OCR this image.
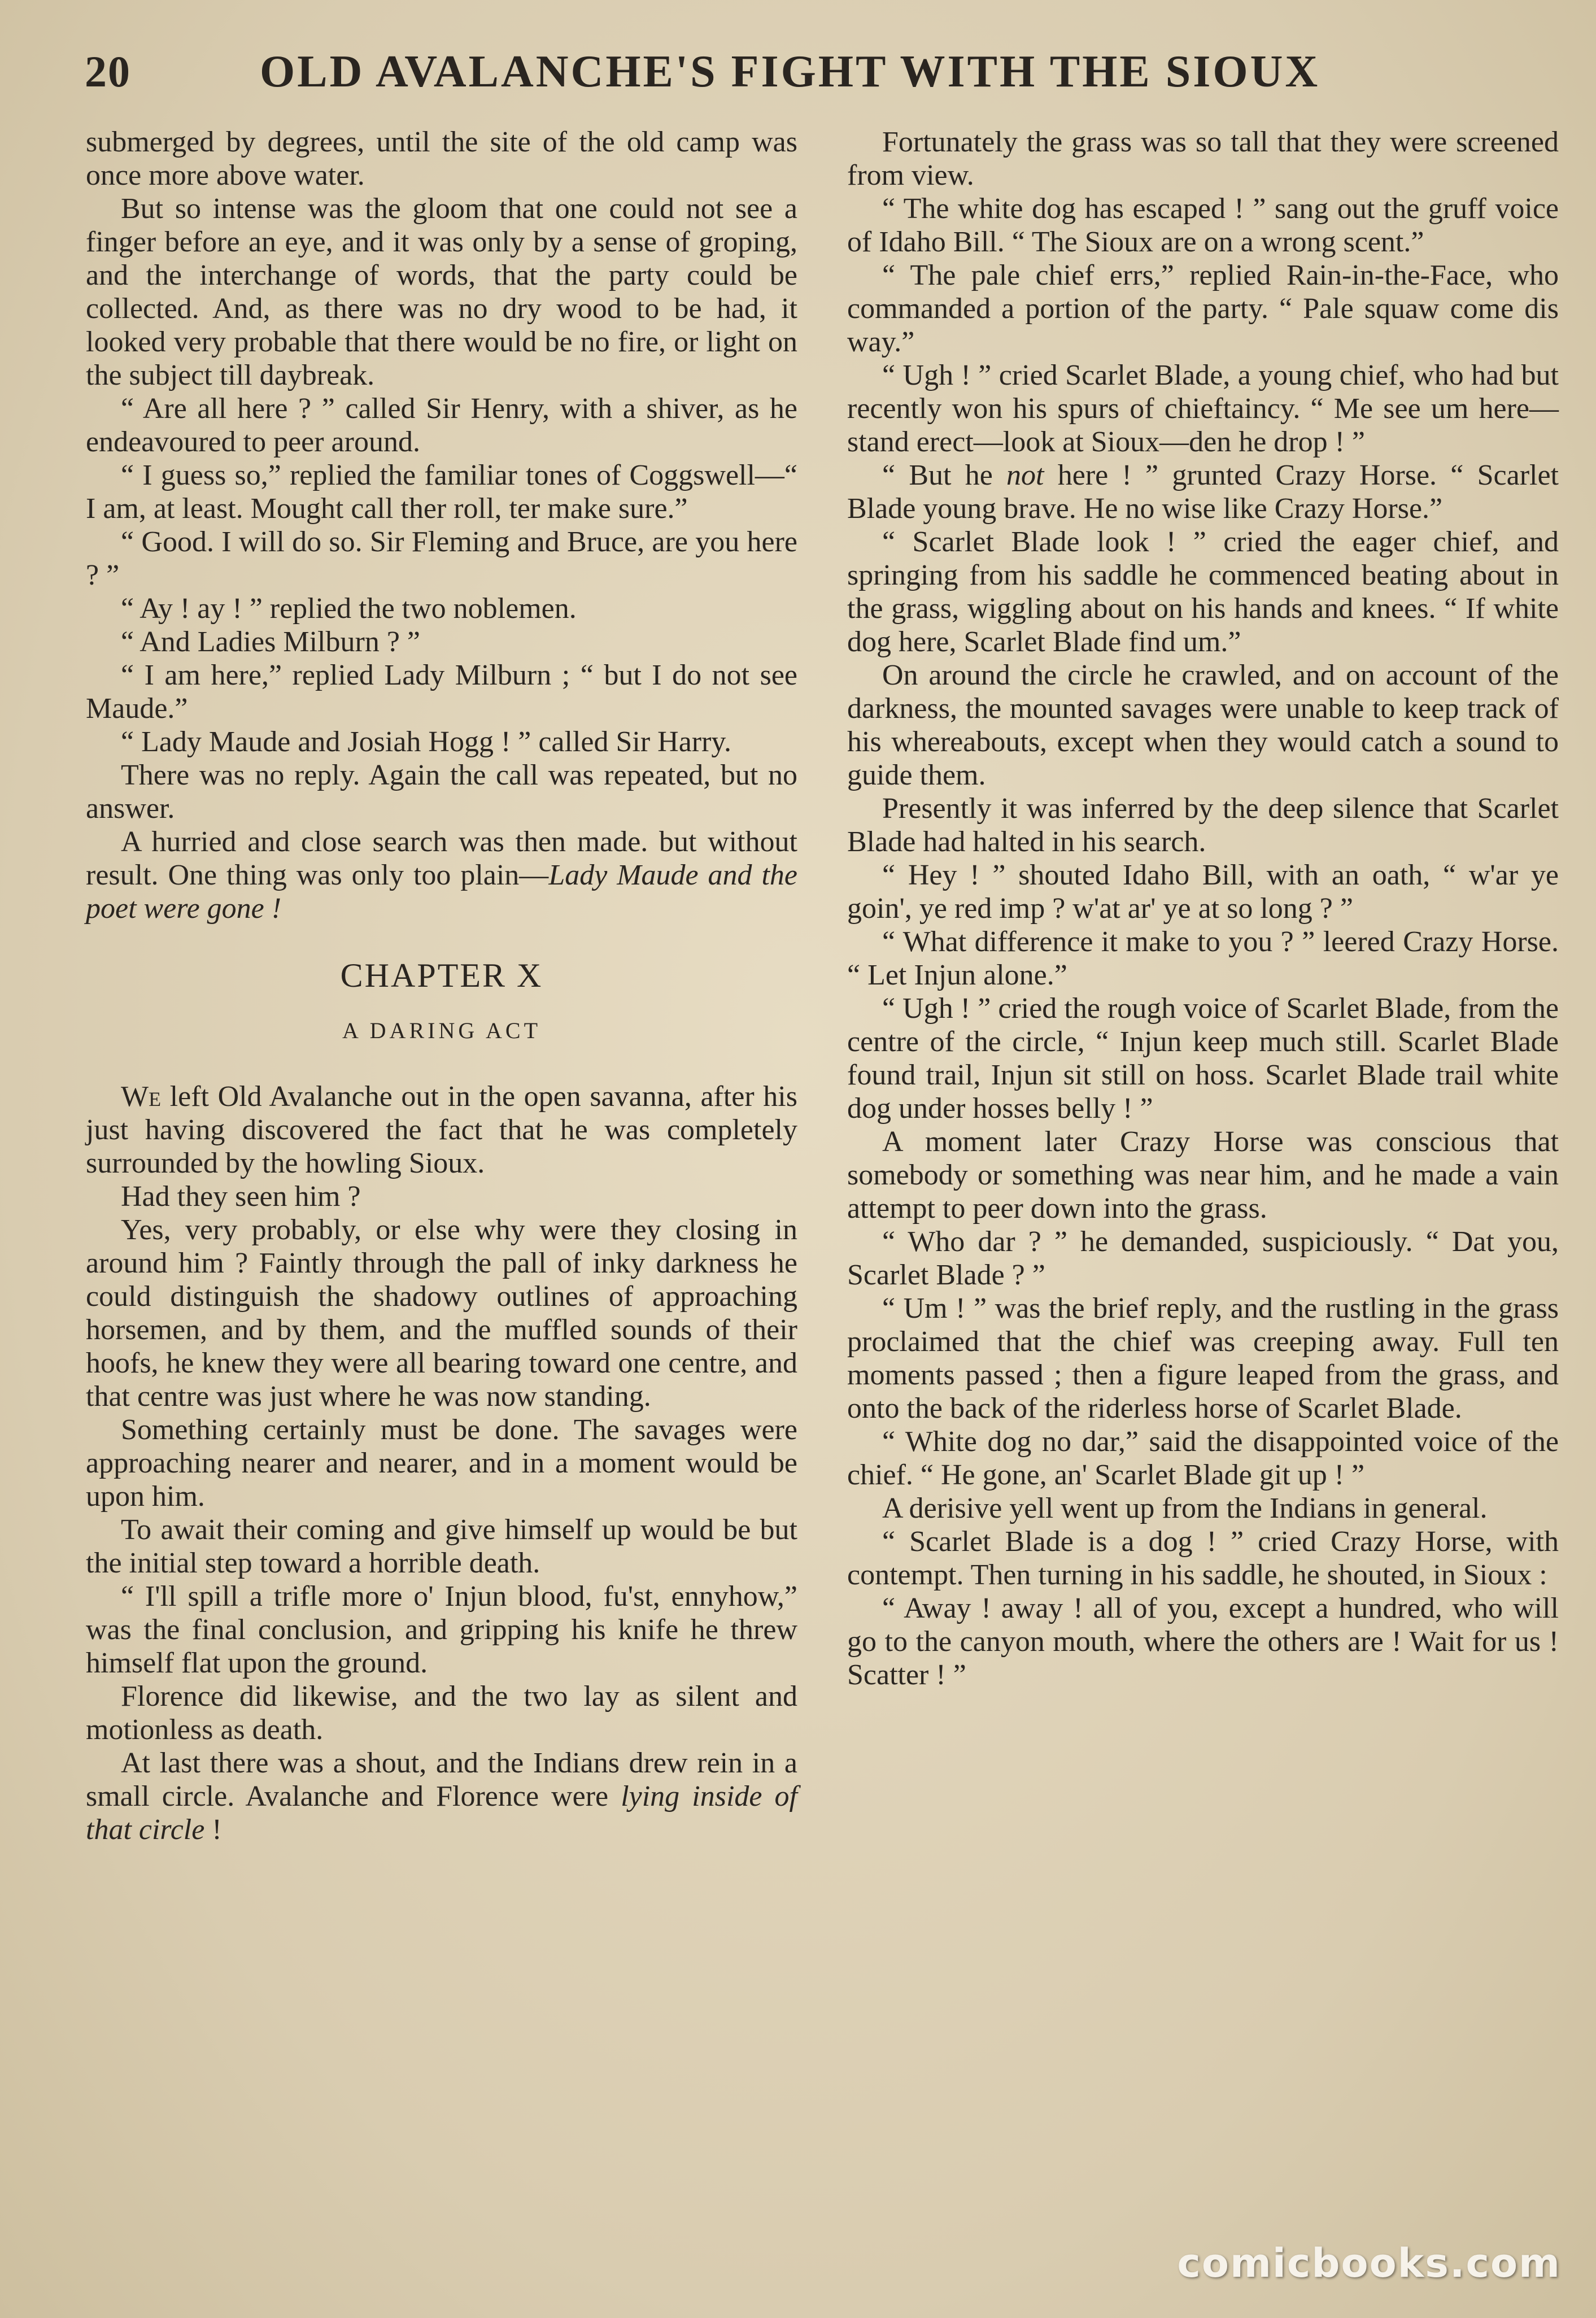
20	OLD AVALANCHE'S FIGHT WITH THE SIOUX

submerged by degrees, until the site of the old camp was once more above water.

But so intense was the gloom that one could not see a finger before an eye, and it was only by a sense of groping, and the interchange of words, that the party could be collected. And, as there was no dry wood to be had, it looked very probable that there would be no fire, or light on the subject till daybreak.

“ Are all here ? ” called Sir Henry, with a shiver, as he endeavoured to peer around.

“ I guess so,” replied the familiar tones of Coggswell—“ I am, at least. Mought call ther roll, ter make sure.”

“ Good. I will do so. Sir Fleming and Bruce, are you here ? ”

“ Ay ! ay ! ” replied the two noblemen.

“ And Ladies Milburn ? ”

“ I am here,” replied Lady Milburn ; “ but I do not see Maude.”

“ Lady Maude and Josiah Hogg ! ” called Sir Harry.

There was no reply. Again the call was repeated, but no answer.

A hurried and close search was then made. but without result. One thing was only too plain—Lady Maude and the poet were gone !

CHAPTER X
A DARING ACT

We left Old Avalanche out in the open savanna, after his just having discovered the fact that he was completely surrounded by the howling Sioux.

Had they seen him ?

Yes, very probably, or else why were they closing in around him ? Faintly through the pall of inky darkness he could distinguish the shadowy outlines of approaching horsemen, and by them, and the muffled sounds of their hoofs, he knew they were all bearing toward one centre, and that centre was just where he was now standing.

Something certainly must be done. The savages were approaching nearer and nearer, and in a moment would be upon him.

To await their coming and give himself up would be but the initial step toward a horrible death.

“ I'll spill a trifle more o' Injun blood, fu'st, ennyhow,” was the final conclusion, and gripping his knife he threw himself flat upon the ground.

Florence did likewise, and the two lay as silent and motionless as death.

At last there was a shout, and the Indians drew rein in a small circle. Avalanche and Florence were lying inside of that circle !

Fortunately the grass was so tall that they were screened from view.

“ The white dog has escaped ! ” sang out the gruff voice of Idaho Bill. “ The Sioux are on a wrong scent.”

“ The pale chief errs,” replied Rain-in-the-Face, who commanded a portion of the party. “ Pale squaw come dis way.”

“ Ugh ! ” cried Scarlet Blade, a young chief, who had but recently won his spurs of chieftaincy. “ Me see um here—stand erect—look at Sioux—den he drop ! ”

“ But he not here ! ” grunted Crazy Horse. “ Scarlet Blade young brave. He no wise like Crazy Horse.”

“ Scarlet Blade look ! ” cried the eager chief, and springing from his saddle he commenced beating about in the grass, wiggling about on his hands and knees. “ If white dog here, Scarlet Blade find um.”

On around the circle he crawled, and on account of the darkness, the mounted savages were unable to keep track of his whereabouts, except when they would catch a sound to guide them.

Presently it was inferred by the deep silence that Scarlet Blade had halted in his search.

“ Hey ! ” shouted Idaho Bill, with an oath, “ w'ar ye goin', ye red imp ? w'at ar' ye at so long ? ”

“ What difference it make to you ? ” leered Crazy Horse. “ Let Injun alone.”

“ Ugh ! ” cried the rough voice of Scarlet Blade, from the centre of the circle, “ Injun keep much still. Scarlet Blade found trail, Injun sit still on hoss. Scarlet Blade trail white dog under hosses belly ! ”

A moment later Crazy Horse was conscious that somebody or something was near him, and he made a vain attempt to peer down into the grass.

“ Who dar ? ” he demanded, suspiciously. “ Dat you, Scarlet Blade ? ”

“ Um ! ” was the brief reply, and the rustling in the grass proclaimed that the chief was creeping away. Full ten moments passed ; then a figure leaped from the grass, and onto the back of the riderless horse of Scarlet Blade.

“ White dog no dar,” said the disappointed voice of the chief. “ He gone, an' Scarlet Blade git up ! ”

A derisive yell went up from the Indians in general.

“ Scarlet Blade is a dog ! ” cried Crazy Horse, with contempt. Then turning in his saddle, he shouted, in Sioux :

“ Away ! away ! all of you, except a hundred, who will go to the canyon mouth, where the others are ! Wait for us ! Scatter ! ”

comicbooks.com
